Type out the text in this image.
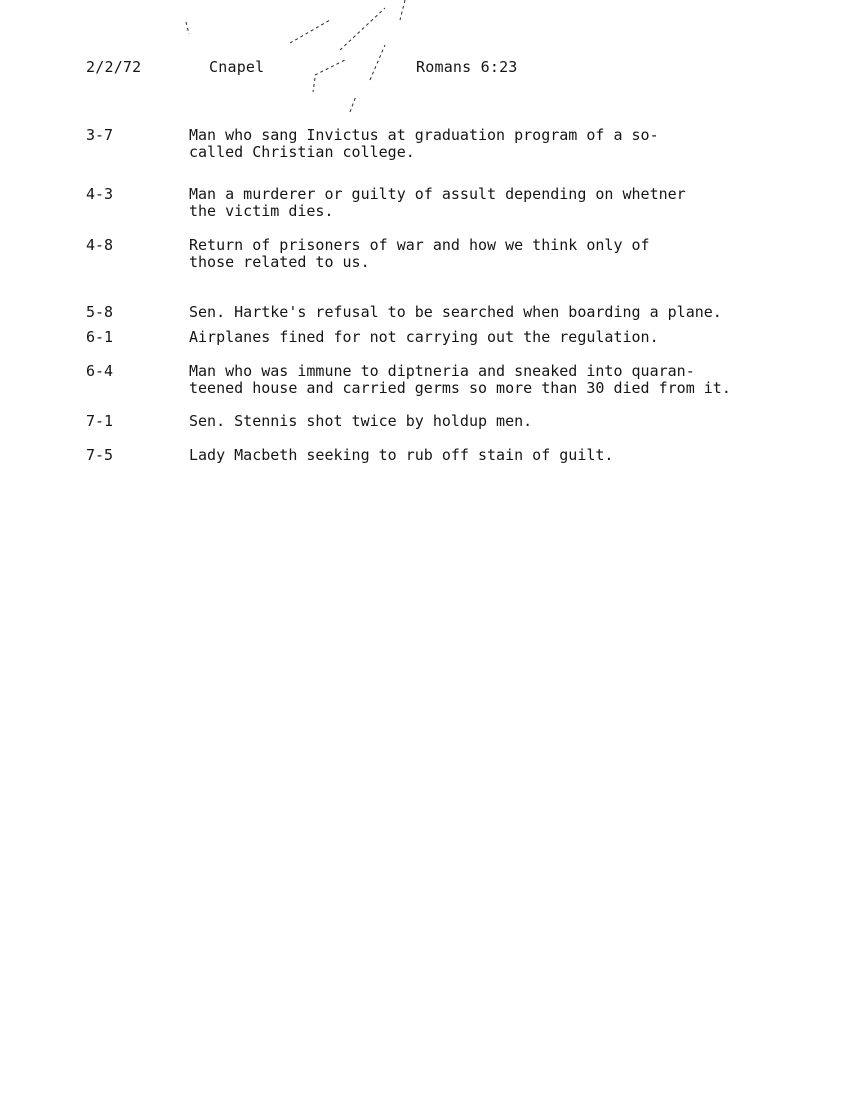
2/2/72	Cnapel	Romans 6:23
3-7	Man who sang Invictus at graduation program of a so-
called Christian college.
4-3	Man a murderer or guilty of assult depending on whetner
the victim dies.
4-8	Return of prisoners of war and how we think only of
those related to us.
5-8	Sen. Hartke's refusal to be searched when boarding a plane.
6-1	Airplanes fined for not carrying out the regulation.
6-4	Man who was immune to diptneria and sneaked into quaran-
teened house and carried germs so more than 30 died from it.
7-1	Sen. Stennis shot twice by holdup men.
7-5	Lady Macbeth seeking to rub off stain of guilt.
